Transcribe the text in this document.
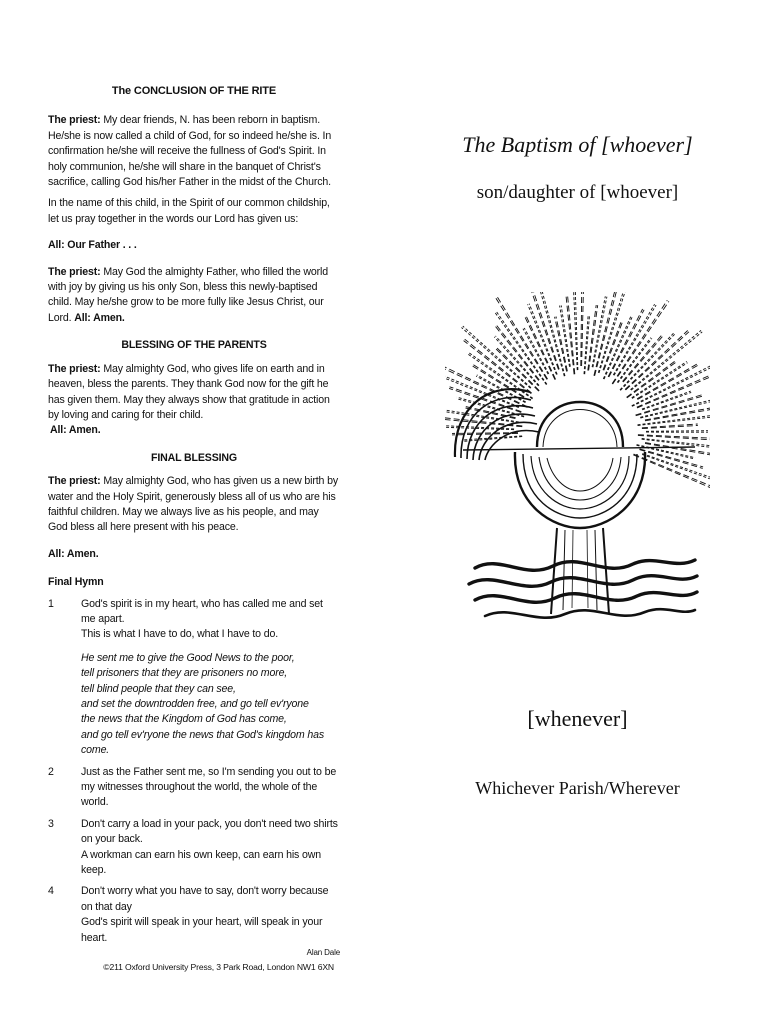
The CONCLUSION OF THE RITE

The priest: My dear friends, N. has been reborn in baptism. He/she is now called a child of God, for so indeed he/she is. In confirmation he/she will receive the fullness of God's Spirit. In holy communion, he/she will share in the banquet of Christ's sacrifice, calling God his/her Father in the midst of the Church.

In the name of this child, in the Spirit of our common childship, let us pray together in the words our Lord has given us:

All: Our Father . . .

The priest: May God the almighty Father, who filled the world with joy by giving us his only Son, bless this newly-baptised child. May he/she grow to be more fully like Jesus Christ, our Lord. All: Amen.

BLESSING OF THE PARENTS

The priest: May almighty God, who gives life on earth and in heaven, bless the parents. They thank God now for the gift he has given them. May they always show that gratitude in action by loving and caring for their child.
All: Amen.

FINAL BLESSING

The priest: May almighty God, who has given us a new birth by water and the Holy Spirit, generously bless all of us who are his faithful children. May we always live as his people, and may God bless all here present with his peace.

All: Amen.

Final Hymn

1	God's spirit is in my heart, who has called me and set me apart.
This is what I have to do, what I have to do.
He sent me to give the Good News to the poor,
tell prisoners that they are prisoners no more,
tell blind people that they can see,
and set the downtrodden free, and go tell ev'ryone
the news that the Kingdom of God has come,
and go tell ev'ryone the news that God's kingdom has come.
2	Just as the Father sent me, so I'm sending you out to be
my witnesses throughout the world, the whole of the world.
3	Don't carry a load in your pack, you don't need two shirts on your back.
A workman can earn his own keep, can earn his own keep.
4	Don't worry what you have to say, don't worry because on that day
God's spirit will speak in your heart, will speak in your heart.

Alan Dale

©211 Oxford University Press, 3 Park Road, London NW1 6XN

The Baptism of [whoever]
son/daughter of [whoever]
[whenever]
Whichever Parish/Wherever
